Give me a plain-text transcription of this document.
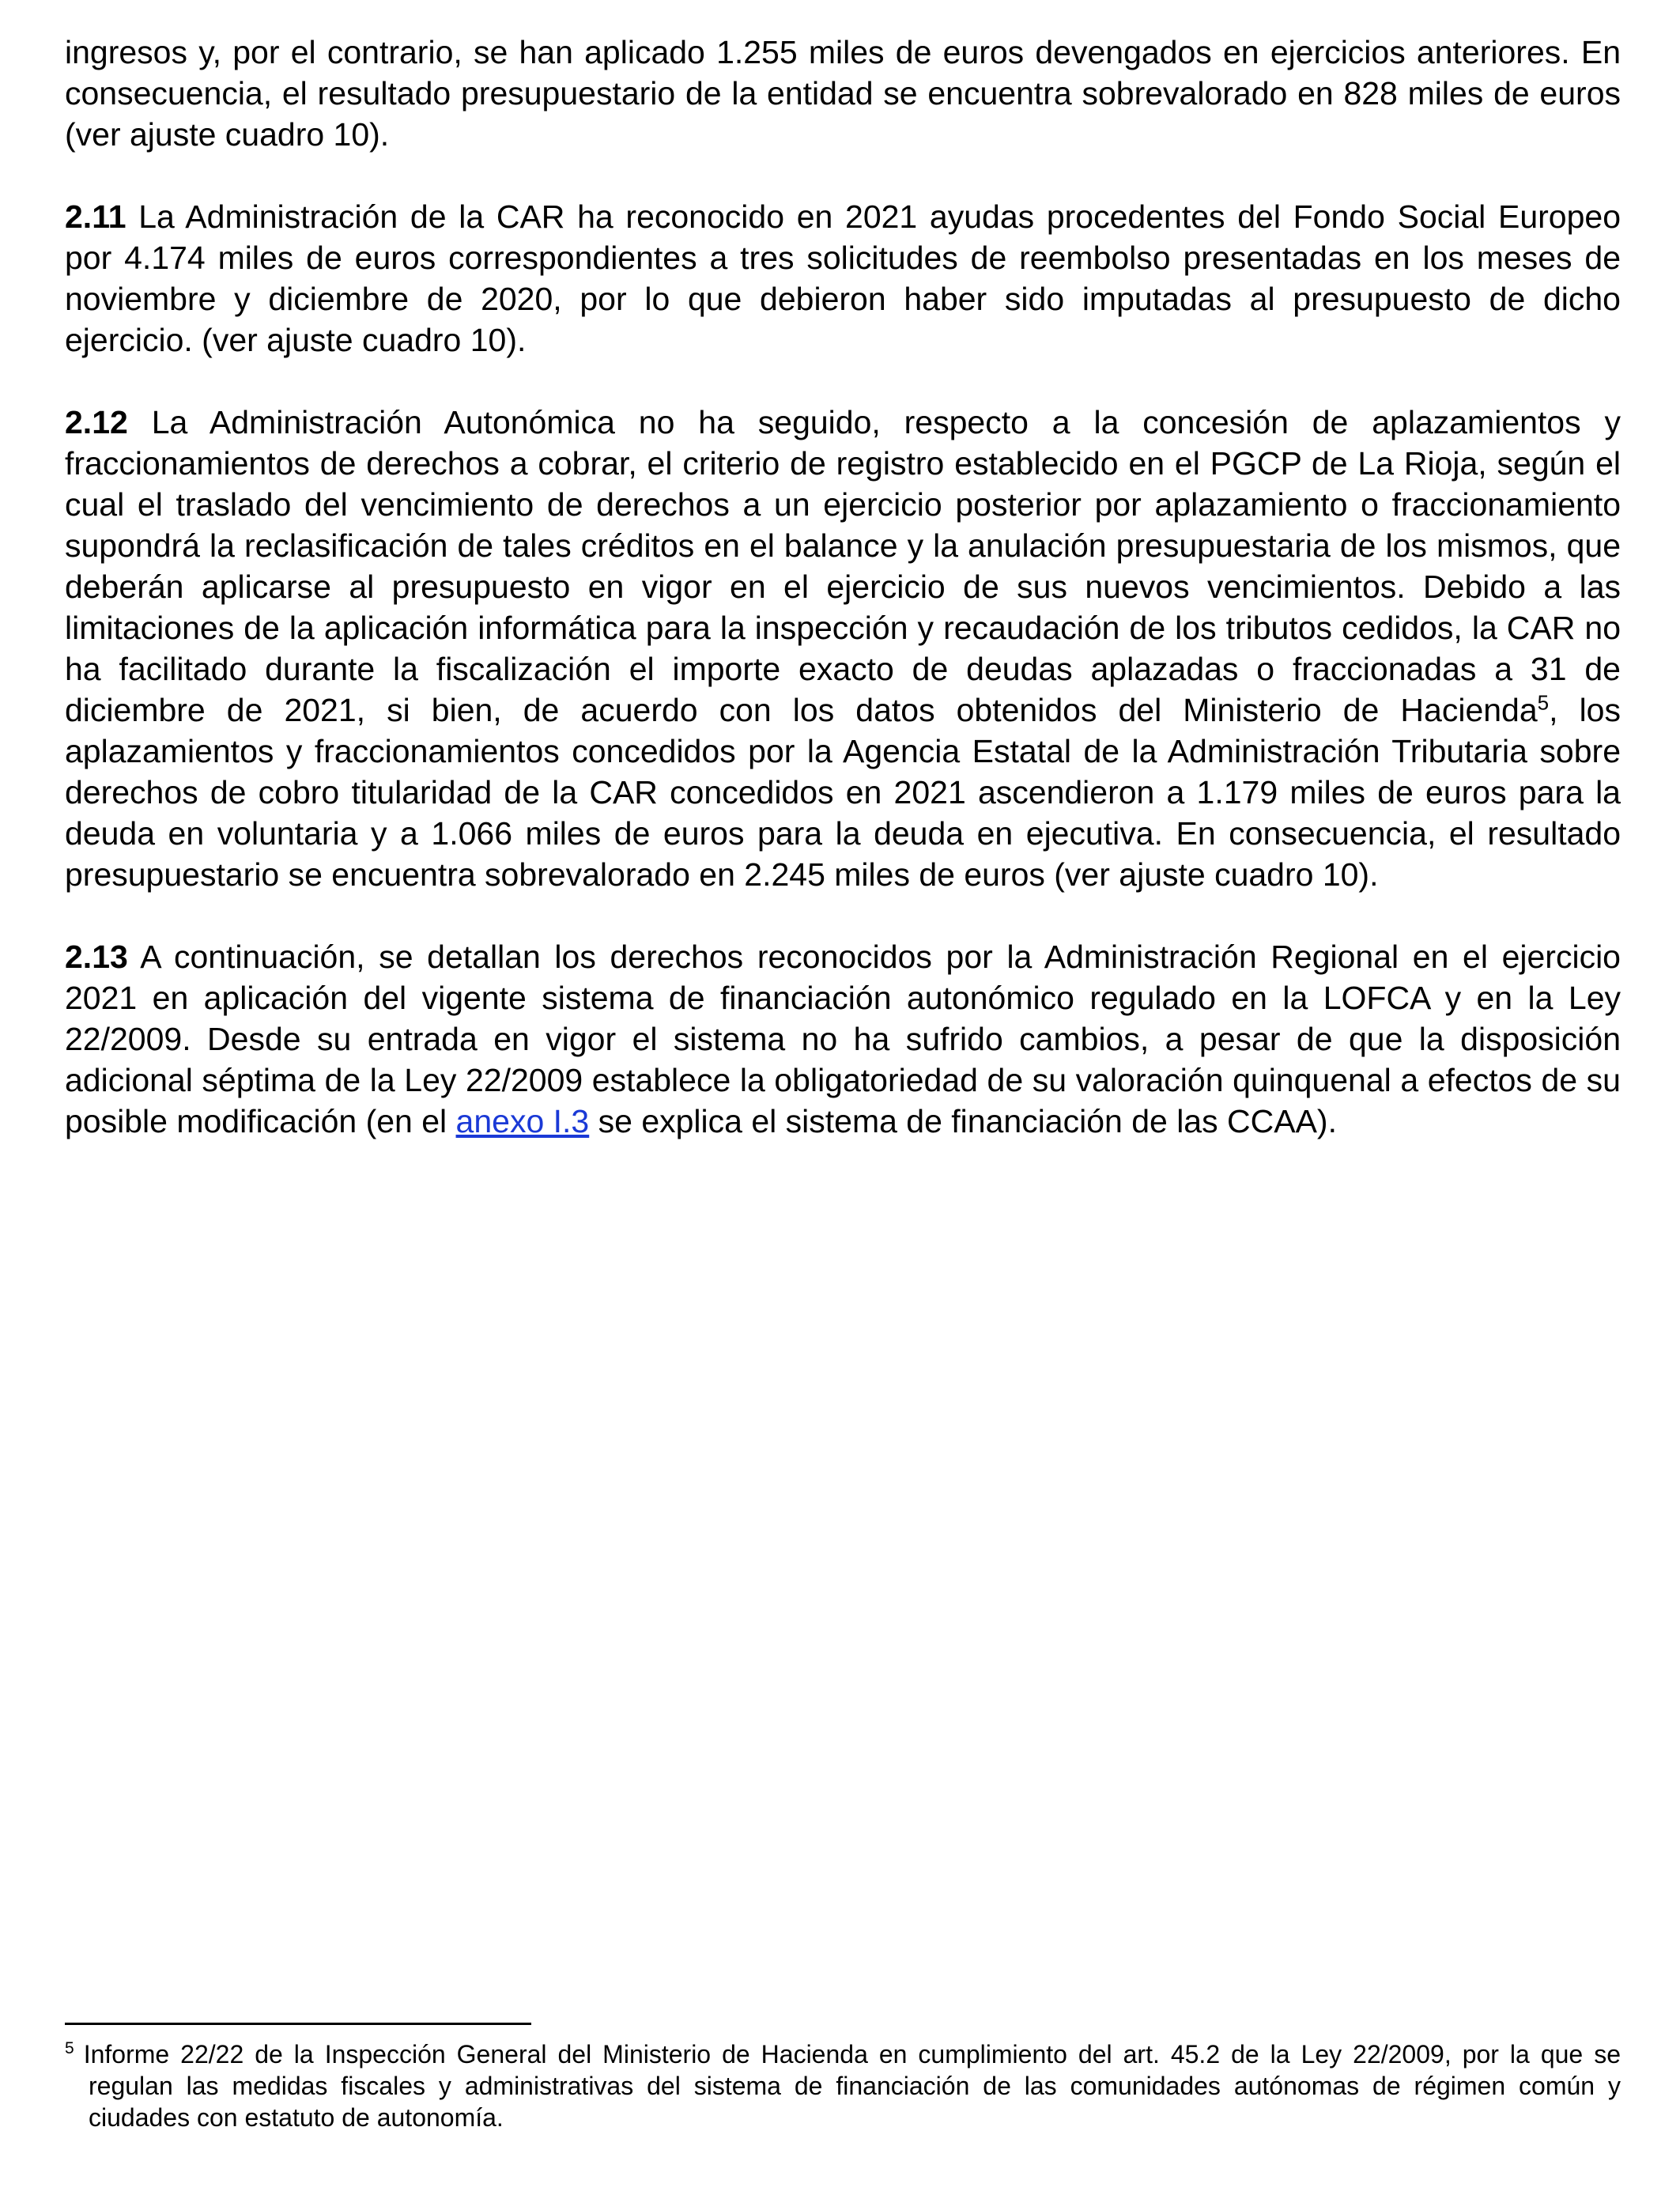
ingresos y, por el contrario, se han aplicado 1.255 miles de euros devengados en ejercicios anteriores. En consecuencia, el resultado presupuestario de la entidad se encuentra sobrevalorado en 828 miles de euros (ver ajuste cuadro 10).

2.11 La Administración de la CAR ha reconocido en 2021 ayudas procedentes del Fondo Social Europeo por 4.174 miles de euros correspondientes a tres solicitudes de reembolso presentadas en los meses de noviembre y diciembre de 2020, por lo que debieron haber sido imputadas al presupuesto de dicho ejercicio. (ver ajuste cuadro 10).

2.12 La Administración Autonómica no ha seguido, respecto a la concesión de aplazamientos y fraccionamientos de derechos a cobrar, el criterio de registro establecido en el PGCP de La Rioja, según el cual el traslado del vencimiento de derechos a un ejercicio posterior por aplazamiento o fraccionamiento supondrá la reclasificación de tales créditos en el balance y la anulación presupuestaria de los mismos, que deberán aplicarse al presupuesto en vigor en el ejercicio de sus nuevos vencimientos. Debido a las limitaciones de la aplicación informática para la inspección y recaudación de los tributos cedidos, la CAR no ha facilitado durante la fiscalización el importe exacto de deudas aplazadas o fraccionadas a 31 de diciembre de 2021, si bien, de acuerdo con los datos obtenidos del Ministerio de Hacienda$^5$, los aplazamientos y fraccionamientos concedidos por la Agencia Estatal de la Administración Tributaria sobre derechos de cobro titularidad de la CAR concedidos en 2021 ascendieron a 1.179 miles de euros para la deuda en voluntaria y a 1.066 miles de euros para la deuda en ejecutiva. En consecuencia, el resultado presupuestario se encuentra sobrevalorado en 2.245 miles de euros (ver ajuste cuadro 10).

2.13 A continuación, se detallan los derechos reconocidos por la Administración Regional en el ejercicio 2021 en aplicación del vigente sistema de financiación autonómico regulado en la LOFCA y en la Ley 22/2009. Desde su entrada en vigor el sistema no ha sufrido cambios, a pesar de que la disposición adicional séptima de la Ley 22/2009 establece la obligatoriedad de su valoración quinquenal a efectos de su posible modificación (en el anexo I.3 se explica el sistema de financiación de las CCAA).

$^5$ Informe 22/22 de la Inspección General del Ministerio de Hacienda en cumplimiento del art. 45.2 de la Ley 22/2009, por la que se regulan las medidas fiscales y administrativas del sistema de financiación de las comunidades autónomas de régimen común y ciudades con estatuto de autonomía.
